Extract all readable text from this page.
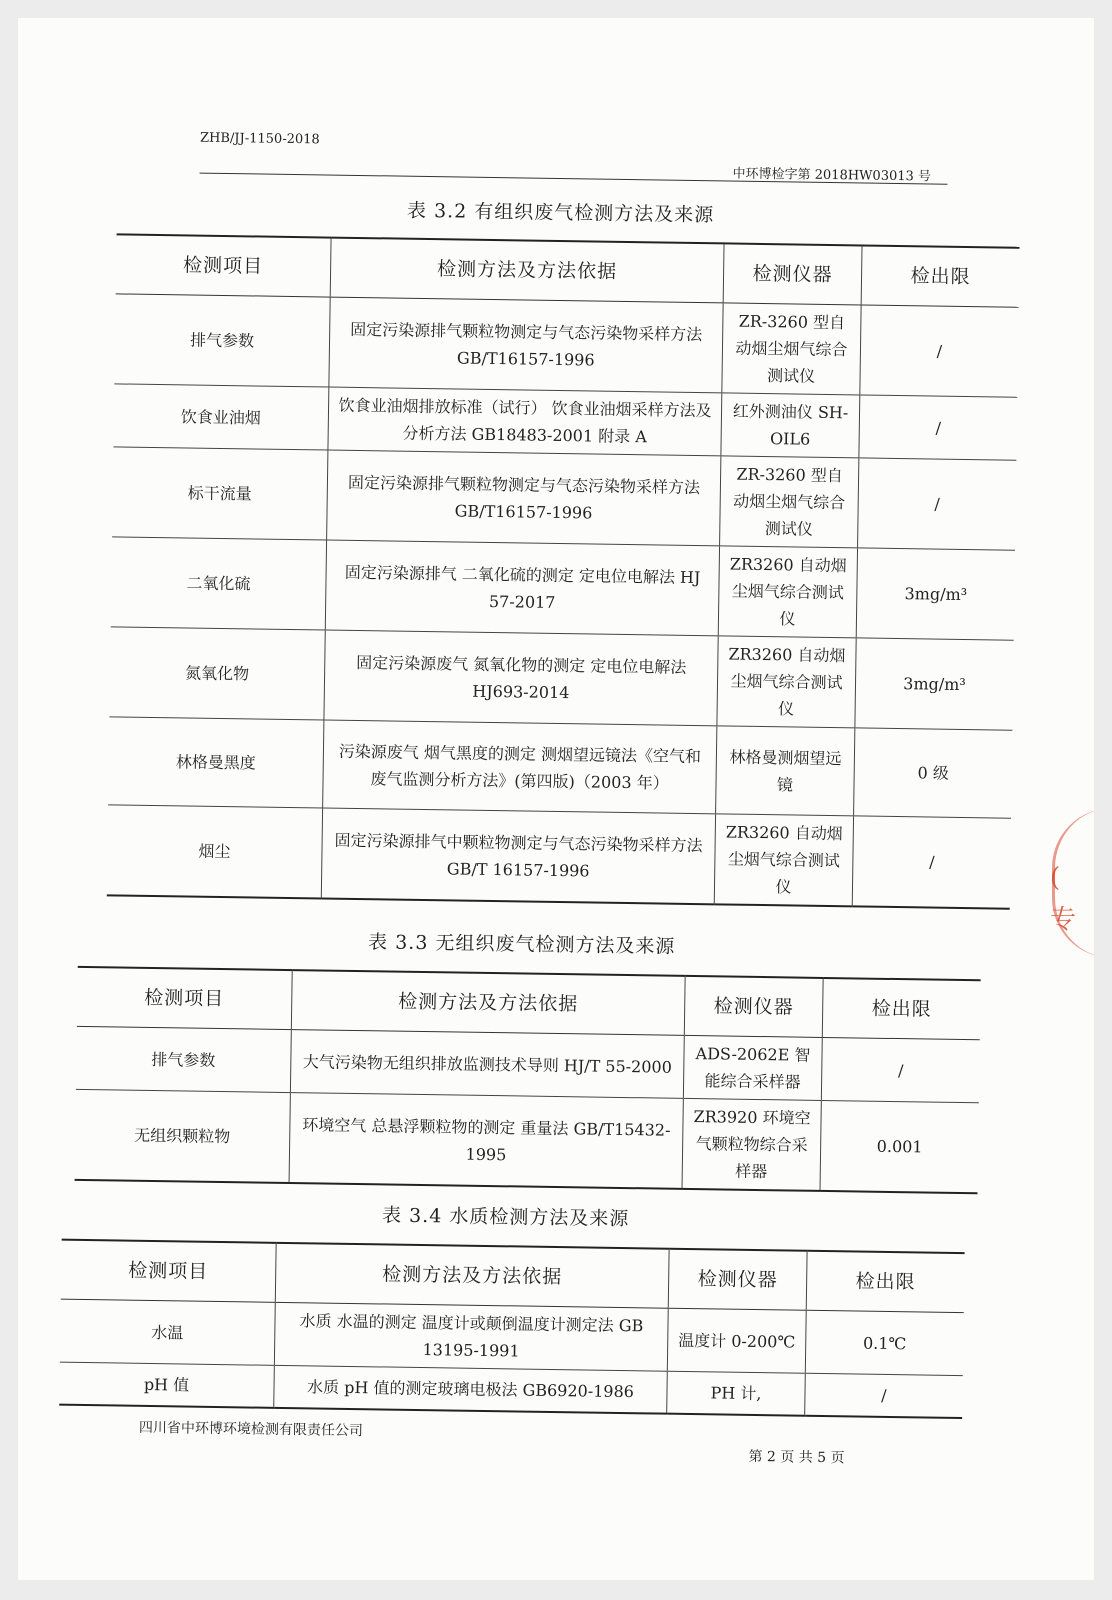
ZHB/JJ-1150-2018
中环博检字第 2018HW03013 号
表 3.2 有组织废气检测方法及来源
检测项目	检测方法及方法依据	检测仪器	检出限
排气参数	固定污染源排气颗粒物测定与气态污染物采样方法 GB/T16157-1996	ZR-3260 型自动烟尘烟气综合测试仪	/
饮食业油烟	饮食业油烟排放标准（试行） 饮食业油烟采样方法及分析方法 GB18483-2001 附录 A	红外测油仪 SH-OIL6	/
标干流量	固定污染源排气颗粒物测定与气态污染物采样方法 GB/T16157-1996	ZR-3260 型自动烟尘烟气综合测试仪	/
二氧化硫	固定污染源排气 二氧化硫的测定 定电位电解法 HJ 57-2017	ZR3260 自动烟尘烟气综合测试仪	3mg/m³
氮氧化物	固定污染源废气 氮氧化物的测定 定电位电解法 HJ693-2014	ZR3260 自动烟尘烟气综合测试仪	3mg/m³
林格曼黑度	污染源废气 烟气黑度的测定 测烟望远镜法《空气和废气监测分析方法》(第四版)（2003 年）	林格曼测烟望远镜	0 级
烟尘	固定污染源排气中颗粒物测定与气态污染物采样方法 GB/T 16157-1996	ZR3260 自动烟尘烟气综合测试仪	/
表 3.3 无组织废气检测方法及来源
检测项目	检测方法及方法依据	检测仪器	检出限
排气参数	大气污染物无组织排放监测技术导则 HJ/T 55-2000	ADS-2062E 智能综合采样器	/
无组织颗粒物	环境空气 总悬浮颗粒物的测定 重量法 GB/T15432-1995	ZR3920 环境空气颗粒物综合采样器	0.001
表 3.4 水质检测方法及来源
检测项目	检测方法及方法依据	检测仪器	检出限
水温	水质 水温的测定 温度计或颠倒温度计测定法 GB 13195-1991	温度计 0-200℃	0.1℃
pH 值	水质 pH 值的测定玻璃电极法 GB6920-1986	PH 计,	/
四川省中环博环境检测有限责任公司
第 2 页 共 5 页
(
专
